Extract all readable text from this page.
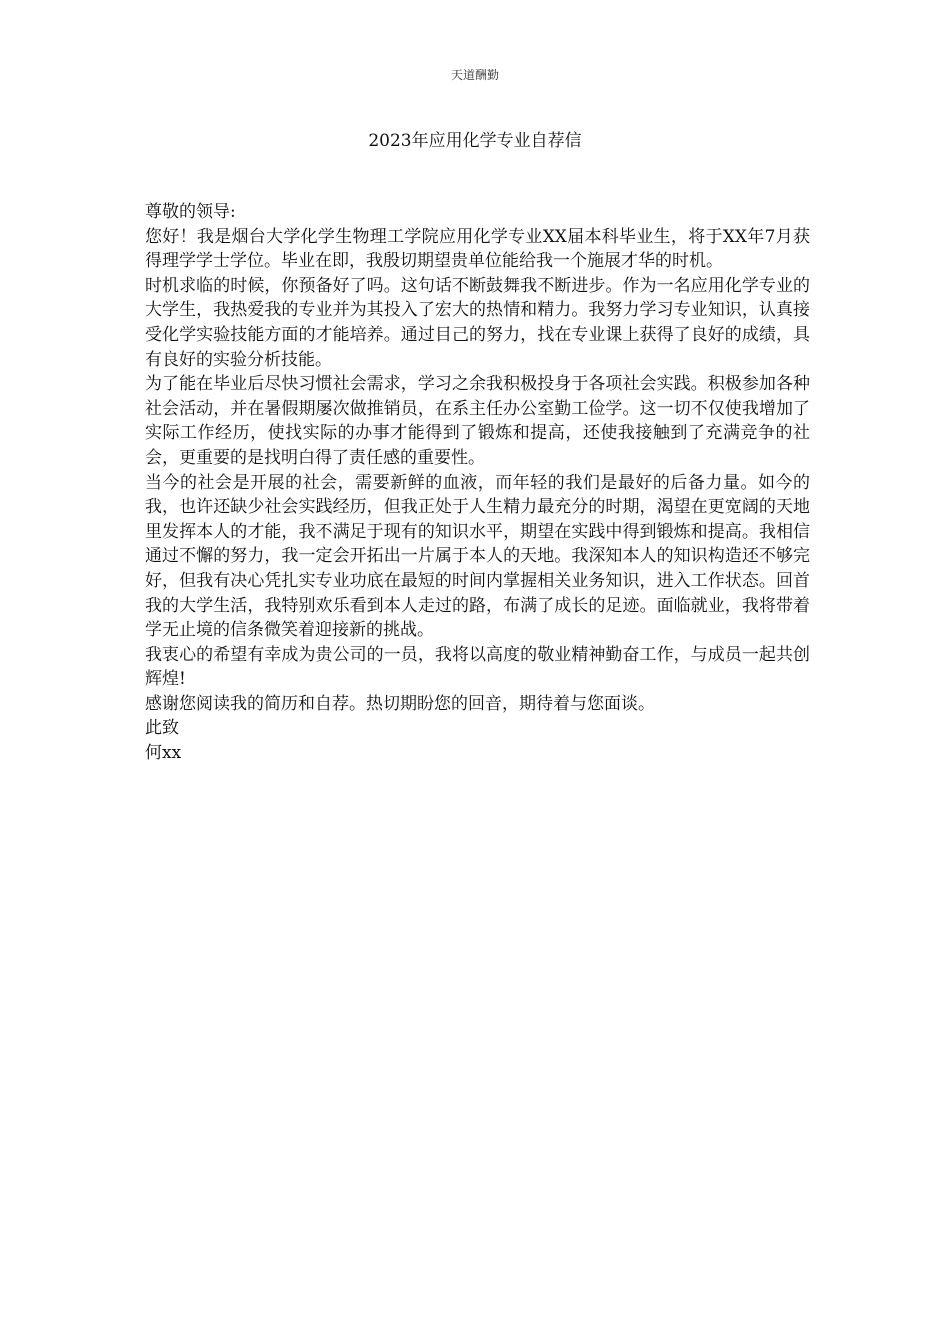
天道酬勤
2023年应用化学专业自荐信

尊敬的领导:

您好！我是烟台大学化学生物理工学院应用化学专业XX届本科毕业生，将于XX年7月获得理学学士学位。毕业在即，我殷切期望贵单位能给我一个施展才华的时机。

时机求临的时候，你预备好了吗。这句话不断鼓舞我不断进步。作为一名应用化学专业的大学生，我热爱我的专业并为其投入了宏大的热情和精力。我努力学习专业知识，认真接受化学实验技能方面的才能培养。通过目己的努力，找在专业课上获得了良好的成绩，具有良好的实验分析技能。

为了能在毕业后尽快习惯社会需求，学习之余我积极投身于各项社会实践。积极参加各种社会活动，并在暑假期屡次做推销员，在系主任办公室勤工俭学。这一切不仅使我增加了实际工作经历，使找实际的办事才能得到了锻炼和提高，还使我接触到了充满竞争的社会，更重要的是找明白得了责任感的重要性。

当今的社会是开展的社会，需要新鲜的血液，而年轻的我们是最好的后备力量。如今的我，也许还缺少社会实践经历，但我正处于人生精力最充分的时期，渴望在更宽阔的天地里发挥本人的才能，我不满足于现有的知识水平，期望在实践中得到锻炼和提高。我相信通过不懈的努力，我一定会开拓出一片属于本人的天地。我深知本人的知识构造还不够完好，但我有决心凭扎实专业功底在最短的时间内掌握相关业务知识，进入工作状态。回首我的大学生活，我特别欢乐看到本人走过的路，布满了成长的足迹。面临就业，我将带着学无止境的信条微笑着迎接新的挑战。

我衷心的希望有幸成为贵公司的一员，我将以高度的敬业精神勤奋工作，与成员一起共创辉煌!

感谢您阅读我的简历和自荐。热切期盼您的回音，期待着与您面谈。

此致

何xx
